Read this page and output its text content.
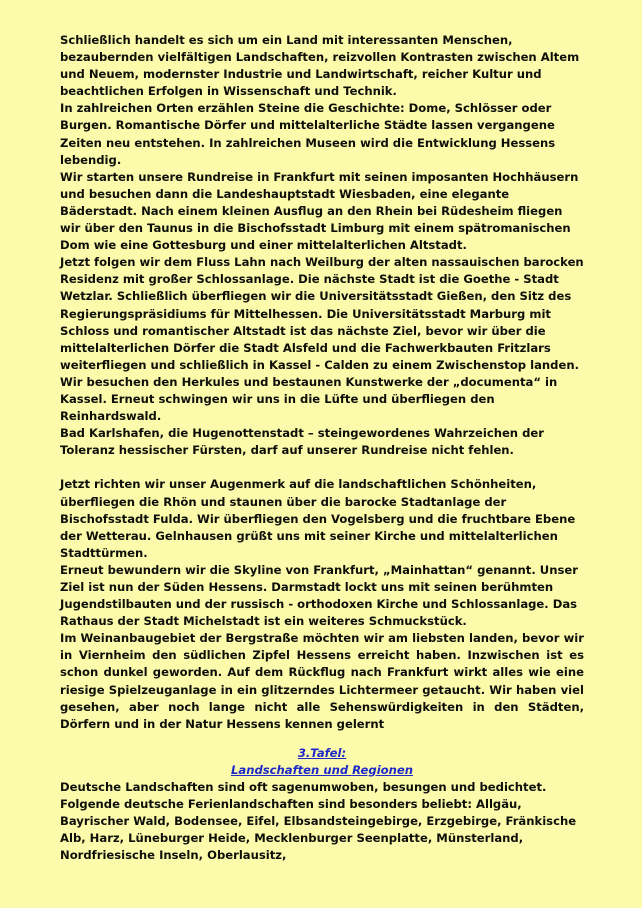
Schließlich handelt es sich um ein Land mit interessanten Menschen, bezaubernden vielfältigen Landschaften, reizvollen Kontrasten zwischen Altem und Neuem, modernster Industrie und Landwirtschaft, reicher Kultur und beachtlichen Erfolgen in Wissenschaft und Technik.

In zahlreichen Orten erzählen Steine die Geschichte: Dome, Schlösser oder Burgen. Romantische Dörfer und mittelalterliche Städte lassen vergangene Zeiten neu entstehen. In zahlreichen Museen wird die Entwicklung Hessens lebendig.

Wir starten unsere Rundreise in Frankfurt mit seinen imposanten Hochhäusern und besuchen dann die Landeshauptstadt Wiesbaden, eine elegante Bäderstadt. Nach einem kleinen Ausflug an den Rhein bei Rüdesheim fliegen wir über den Taunus in die Bischofsstadt Limburg mit einem spätromanischen Dom wie eine Gottesburg und einer mittelalterlichen Altstadt.

Jetzt folgen wir dem Fluss Lahn nach Weilburg der alten nassauischen barocken Residenz mit großer Schlossanlage. Die nächste Stadt ist die Goethe - Stadt Wetzlar. Schließlich überfliegen wir die Universitätsstadt Gießen, den Sitz des Regierungspräsidiums für Mittelhessen. Die Universitätsstadt Marburg mit Schloss und romantischer Altstadt ist das nächste Ziel, bevor wir über die mittelalterlichen Dörfer die Stadt Alsfeld und die Fachwerkbauten Fritzlars weiterfliegen und schließlich in Kassel - Calden zu einem Zwischenstop landen.

Wir besuchen den Herkules und bestaunen Kunstwerke der „documenta“ in Kassel. Erneut schwingen wir uns in die Lüfte und überfliegen den Reinhardswald.

Bad Karlshafen, die Hugenottenstadt – steingewordenes Wahrzeichen der Toleranz hessischer Fürsten, darf auf unserer Rundreise nicht fehlen.

Jetzt richten wir unser Augenmerk auf die landschaftlichen Schönheiten, überfliegen die Rhön und staunen über die barocke Stadtanlage der Bischofsstadt Fulda. Wir überfliegen den Vogelsberg und die fruchtbare Ebene der Wetterau. Gelnhausen grüßt uns mit seiner Kirche und mittelalterlichen Stadttürmen.

Erneut bewundern wir die Skyline von Frankfurt, „Mainhattan“ genannt. Unser Ziel ist nun der Süden Hessens. Darmstadt lockt uns mit seinen berühmten Jugendstilbauten und der russisch - orthodoxen Kirche und Schlossanlage. Das Rathaus der Stadt Michelstadt ist ein weiteres Schmuckstück.

Im Weinanbaugebiet der Bergstraße möchten wir am liebsten landen, bevor wir in Viernheim den südlichen Zipfel Hessens erreicht haben. Inzwischen ist es schon dunkel geworden. Auf dem Rückflug nach Frankfurt wirkt alles wie eine riesige Spielzeuganlage in ein glitzerndes Lichtermeer getaucht. Wir haben viel gesehen, aber noch lange nicht alle Sehenswürdigkeiten in den Städten, Dörfern und in der Natur Hessens kennen gelernt

3.Tafel:
Landschaften und Regionen

Deutsche Landschaften sind oft sagenumwoben, besungen und bedichtet. Folgende deutsche Ferienlandschaften sind besonders beliebt: Allgäu, Bayrischer Wald, Bodensee, Eifel, Elbsandsteingebirge, Erzgebirge, Fränkische Alb, Harz, Lüneburger Heide, Mecklenburger Seenplatte, Münsterland, Nordfriesische Inseln, Oberlausitz,
